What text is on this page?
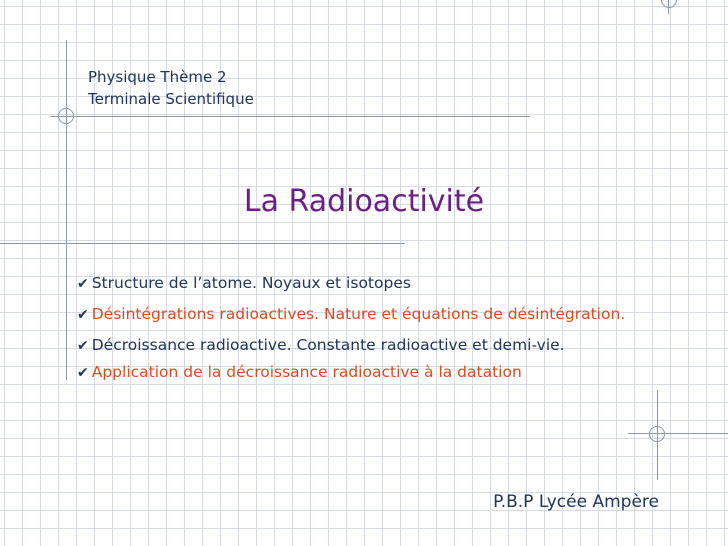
Physique Thème 2
Terminale Scientifique
La Radioactivité

✔ Structure de l’atome. Noyaux et isotopes

✔ Désintégrations radioactives. Nature et équations de désintégration.

✔ Décroissance radioactive. Constante radioactive et demi-vie.

✔ Application de la décroissance radioactive à la datation

P.B.P Lycée Ampère
